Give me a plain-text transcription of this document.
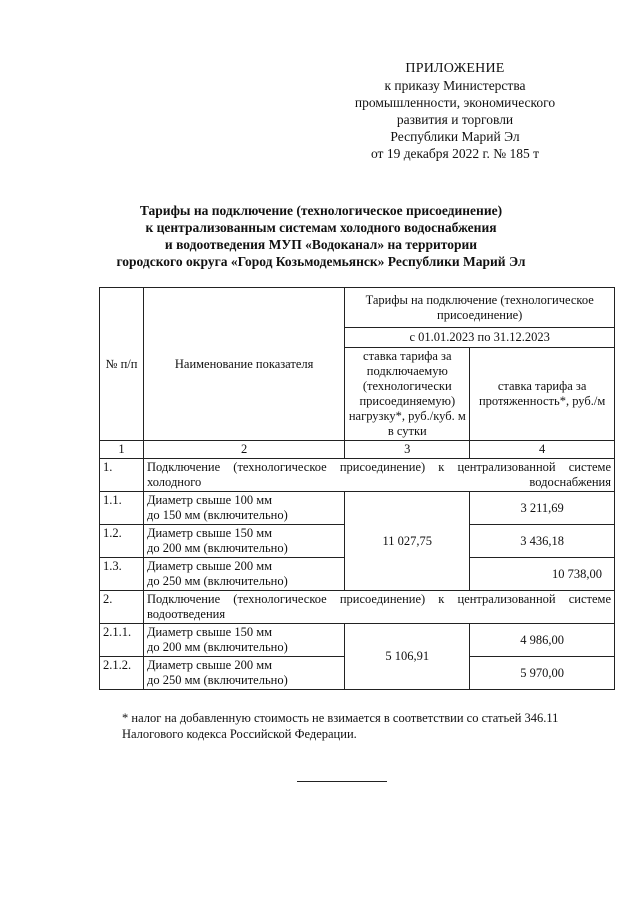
ПРИЛОЖЕНИЕ
к приказу Министерства
промышленности, экономического
развития и торговли
Республики Марий Эл
от 19 декабря 2022 г. № 185 т
Тарифы на подключение (технологическое присоединение)
к централизованным системам холодного водоснабжения
и водоотведения МУП «Водоканал» на территории
городского округа «Город Козьмодемьянск» Республики Марий Эл
№ п/п	Наименование показателя	Тарифы на подключение (технологическое присоединение)	
		с 01.01.2023 по 31.12.2023	
		ставка тарифа за подключаемую (технологически присоединяемую) нагрузку*, руб./куб. м в сутки	ставка тарифа за протяженность*, руб./м
1	2	3	4
1.	Подключение (технологическое присоединение) к централизованной системе холодного водоснабжения		
1.1.	Диаметр свыше 100 мм
до 150 мм (включительно)	11 027,75	3 211,69
1.2.	Диаметр свыше 150 мм
до 200 мм (включительно)		3 436,18
1.3.	Диаметр свыше 200 мм
до 250 мм (включительно)		10 738,00
2.	Подключение (технологическое присоединение) к централизованной системе водоотведения		
2.1.1.	Диаметр свыше 150 мм
до 200 мм (включительно)	5 106,91	4 986,00
2.1.2.	Диаметр свыше 200 мм
до 250 мм (включительно)		5 970,00
* налог на добавленную стоимость не взимается в соответствии со статьей 346.11
Налогового кодекса Российской Федерации.
